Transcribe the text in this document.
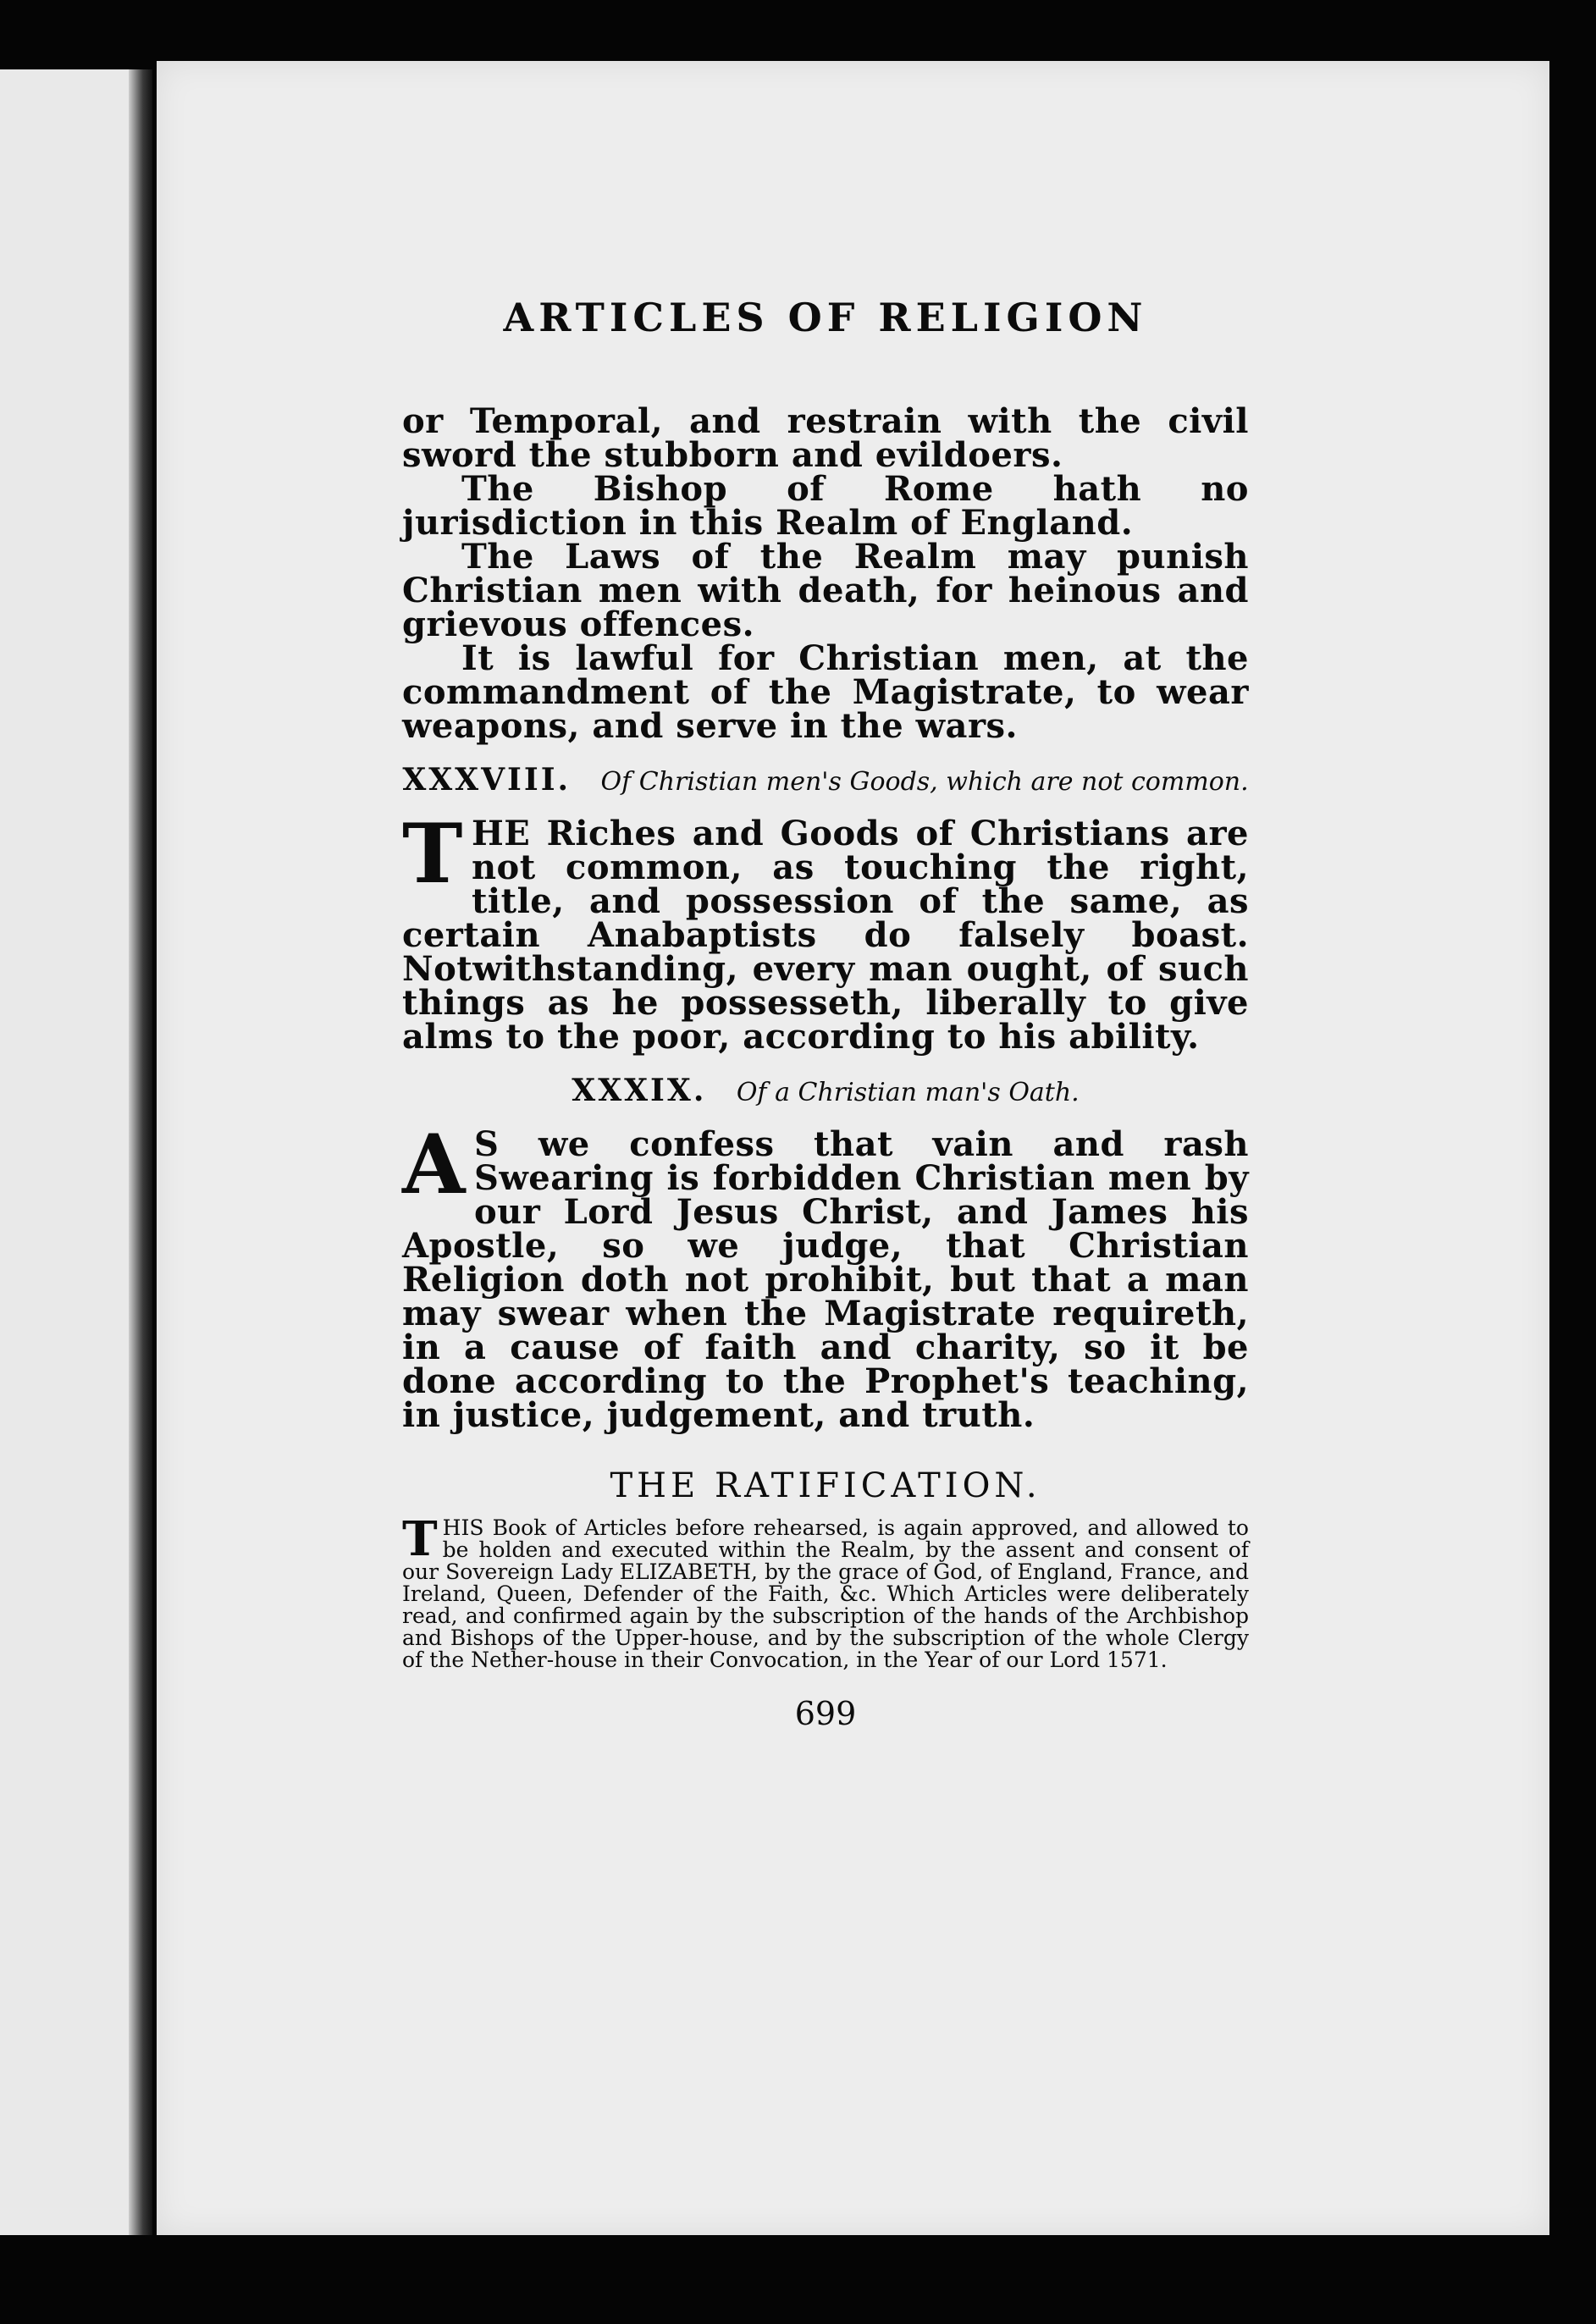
ARTICLES OF RELIGION

or Temporal, and restrain with the civil sword the stubborn and evildoers.

The Bishop of Rome hath no jurisdiction in this Realm of England.

The Laws of the Realm may punish Christian men with death, for heinous and grievous offences.

It is lawful for Christian men, at the commandment of the Magistrate, to wear weapons, and serve in the wars.

XXXVIII. Of Christian men's Goods, which are not common.

THE Riches and Goods of Christians are not common, as touching the right, title, and possession of the same, as certain Anabaptists do falsely boast. Notwithstanding, every man ought, of such things as he possesseth, liberally to give alms to the poor, according to his ability.

XXXIX. Of a Christian man's Oath.

A S we confess that vain and rash Swearing is forbidden Christian men by our Lord Jesus Christ, and James his Apostle, so we judge, that Christian Religion doth not prohibit, but that a man may swear when the Magistrate requireth, in a cause of faith and charity, so it be done according to the Prophet's teaching, in justice, judgement, and truth.

THE RATIFICATION.

THIS Book of Articles before rehearsed, is again approved, and allowed to be holden and executed within the Realm, by the assent and consent of our Sovereign Lady ELIZABETH, by the grace of God, of England, France, and Ireland, Queen, Defender of the Faith, &c. Which Articles were deliberately read, and confirmed again by the subscription of the hands of the Archbishop and Bishops of the Upper-house, and by the subscription of the whole Clergy of the Nether-house in their Convocation, in the Year of our Lord 1571.

699
